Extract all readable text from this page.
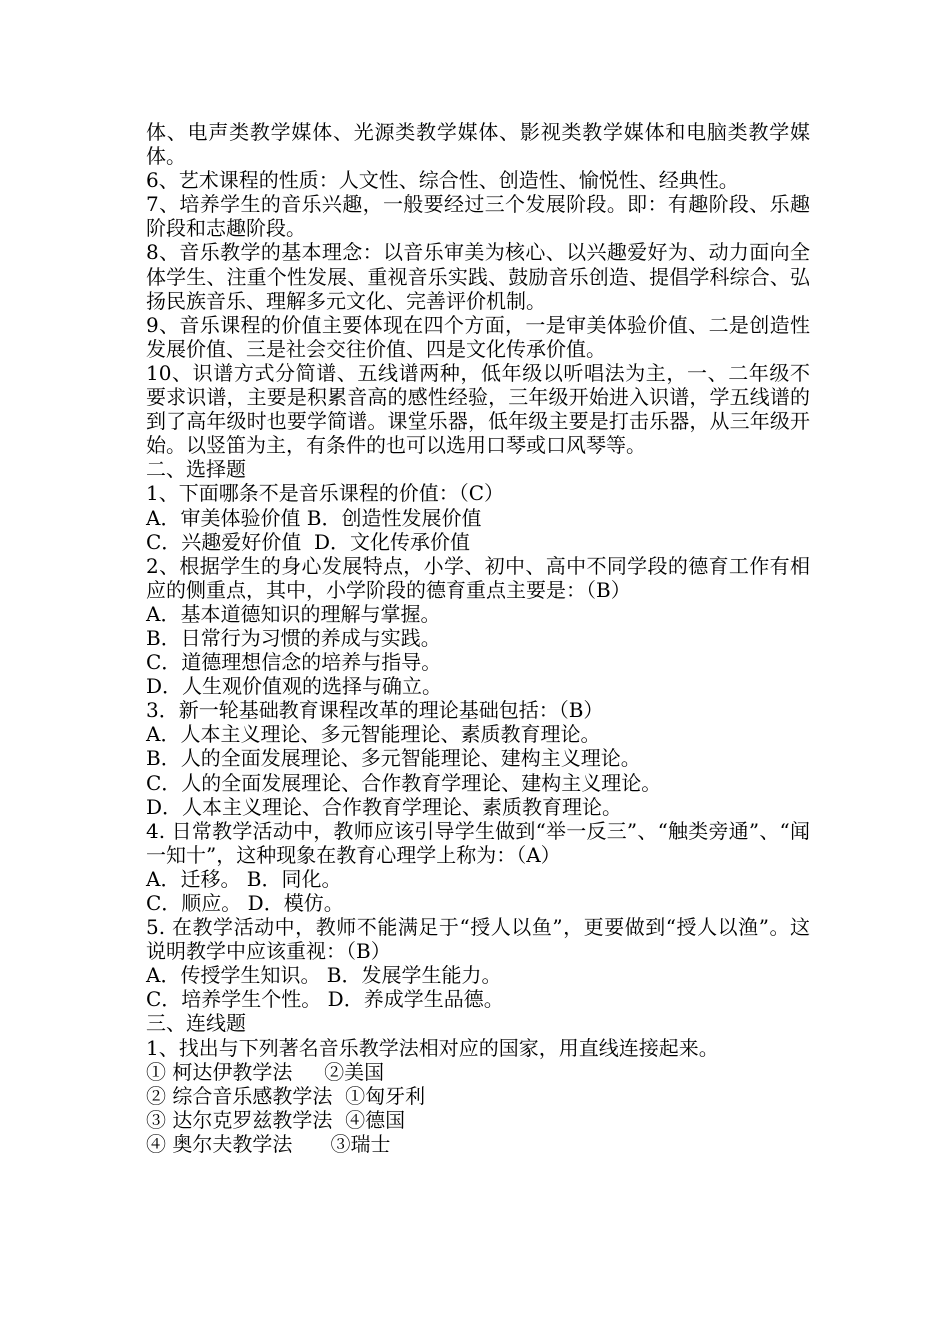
体、电声类教学媒体、光源类教学媒体、影视类教学媒体和电脑类教学媒体。

6、艺术课程的性质：人文性、综合性、创造性、愉悦性、经典性。

7、培养学生的音乐兴趣，一般要经过三个发展阶段。即：有趣阶段、乐趣阶段和志趣阶段。

8、音乐教学的基本理念：以音乐审美为核心、以兴趣爱好为、动力面向全体学生、注重个性发展、重视音乐实践、鼓励音乐创造、提倡学科综合、弘扬民族音乐、理解多元文化、完善评价机制。

9、音乐课程的价值主要体现在四个方面，一是审美体验价值、二是创造性发展价值、三是社会交往价值、四是文化传承价值。

10、识谱方式分简谱、五线谱两种，低年级以听唱法为主，一、二年级不要求识谱，主要是积累音高的感性经验，三年级开始进入识谱，学五线谱的到了高年级时也要学简谱。课堂乐器，低年级主要是打击乐器，从三年级开始。以竖笛为主，有条件的也可以选用口琴或口风琴等。

二、选择题

1、下面哪条不是音乐课程的价值：（C）

A．审美体验价值 B．创造性发展价值

C．兴趣爱好价值  D．文化传承价值

2、根据学生的身心发展特点，小学、初中、高中不同学段的德育工作有相应的侧重点，其中，小学阶段的德育重点主要是：（B）

A．基本道德知识的理解与掌握。

B．日常行为习惯的养成与实践。

C．道德理想信念的培养与指导。

D．人生观价值观的选择与确立。

3．新一轮基础教育课程改革的理论基础包括：（B）

A．人本主义理论、多元智能理论、素质教育理论。

B．人的全面发展理论、多元智能理论、建构主义理论。

C．人的全面发展理论、合作教育学理论、建构主义理论。

D．人本主义理论、合作教育学理论、素质教育理论。

4. 日常教学活动中，教师应该引导学生做到“举一反三”、“触类旁通”、“闻一知十”，这种现象在教育心理学上称为：（A）

A．迁移。 B．同化。

C．顺应。 D．模仿。

5. 在教学活动中，教师不能满足于“授人以鱼”，更要做到“授人以渔”。这说明教学中应该重视：（B）

A．传授学生知识。 B．发展学生能力。

C．培养学生个性。 D．养成学生品德。

三、连线题

1、找出与下列著名音乐教学法相对应的国家，用直线连接起来。

① 柯达伊教学法     ②美国

② 综合音乐感教学法  ①匈牙利

③ 达尔克罗兹教学法  ④德国

④ 奥尔夫教学法      ③瑞士
